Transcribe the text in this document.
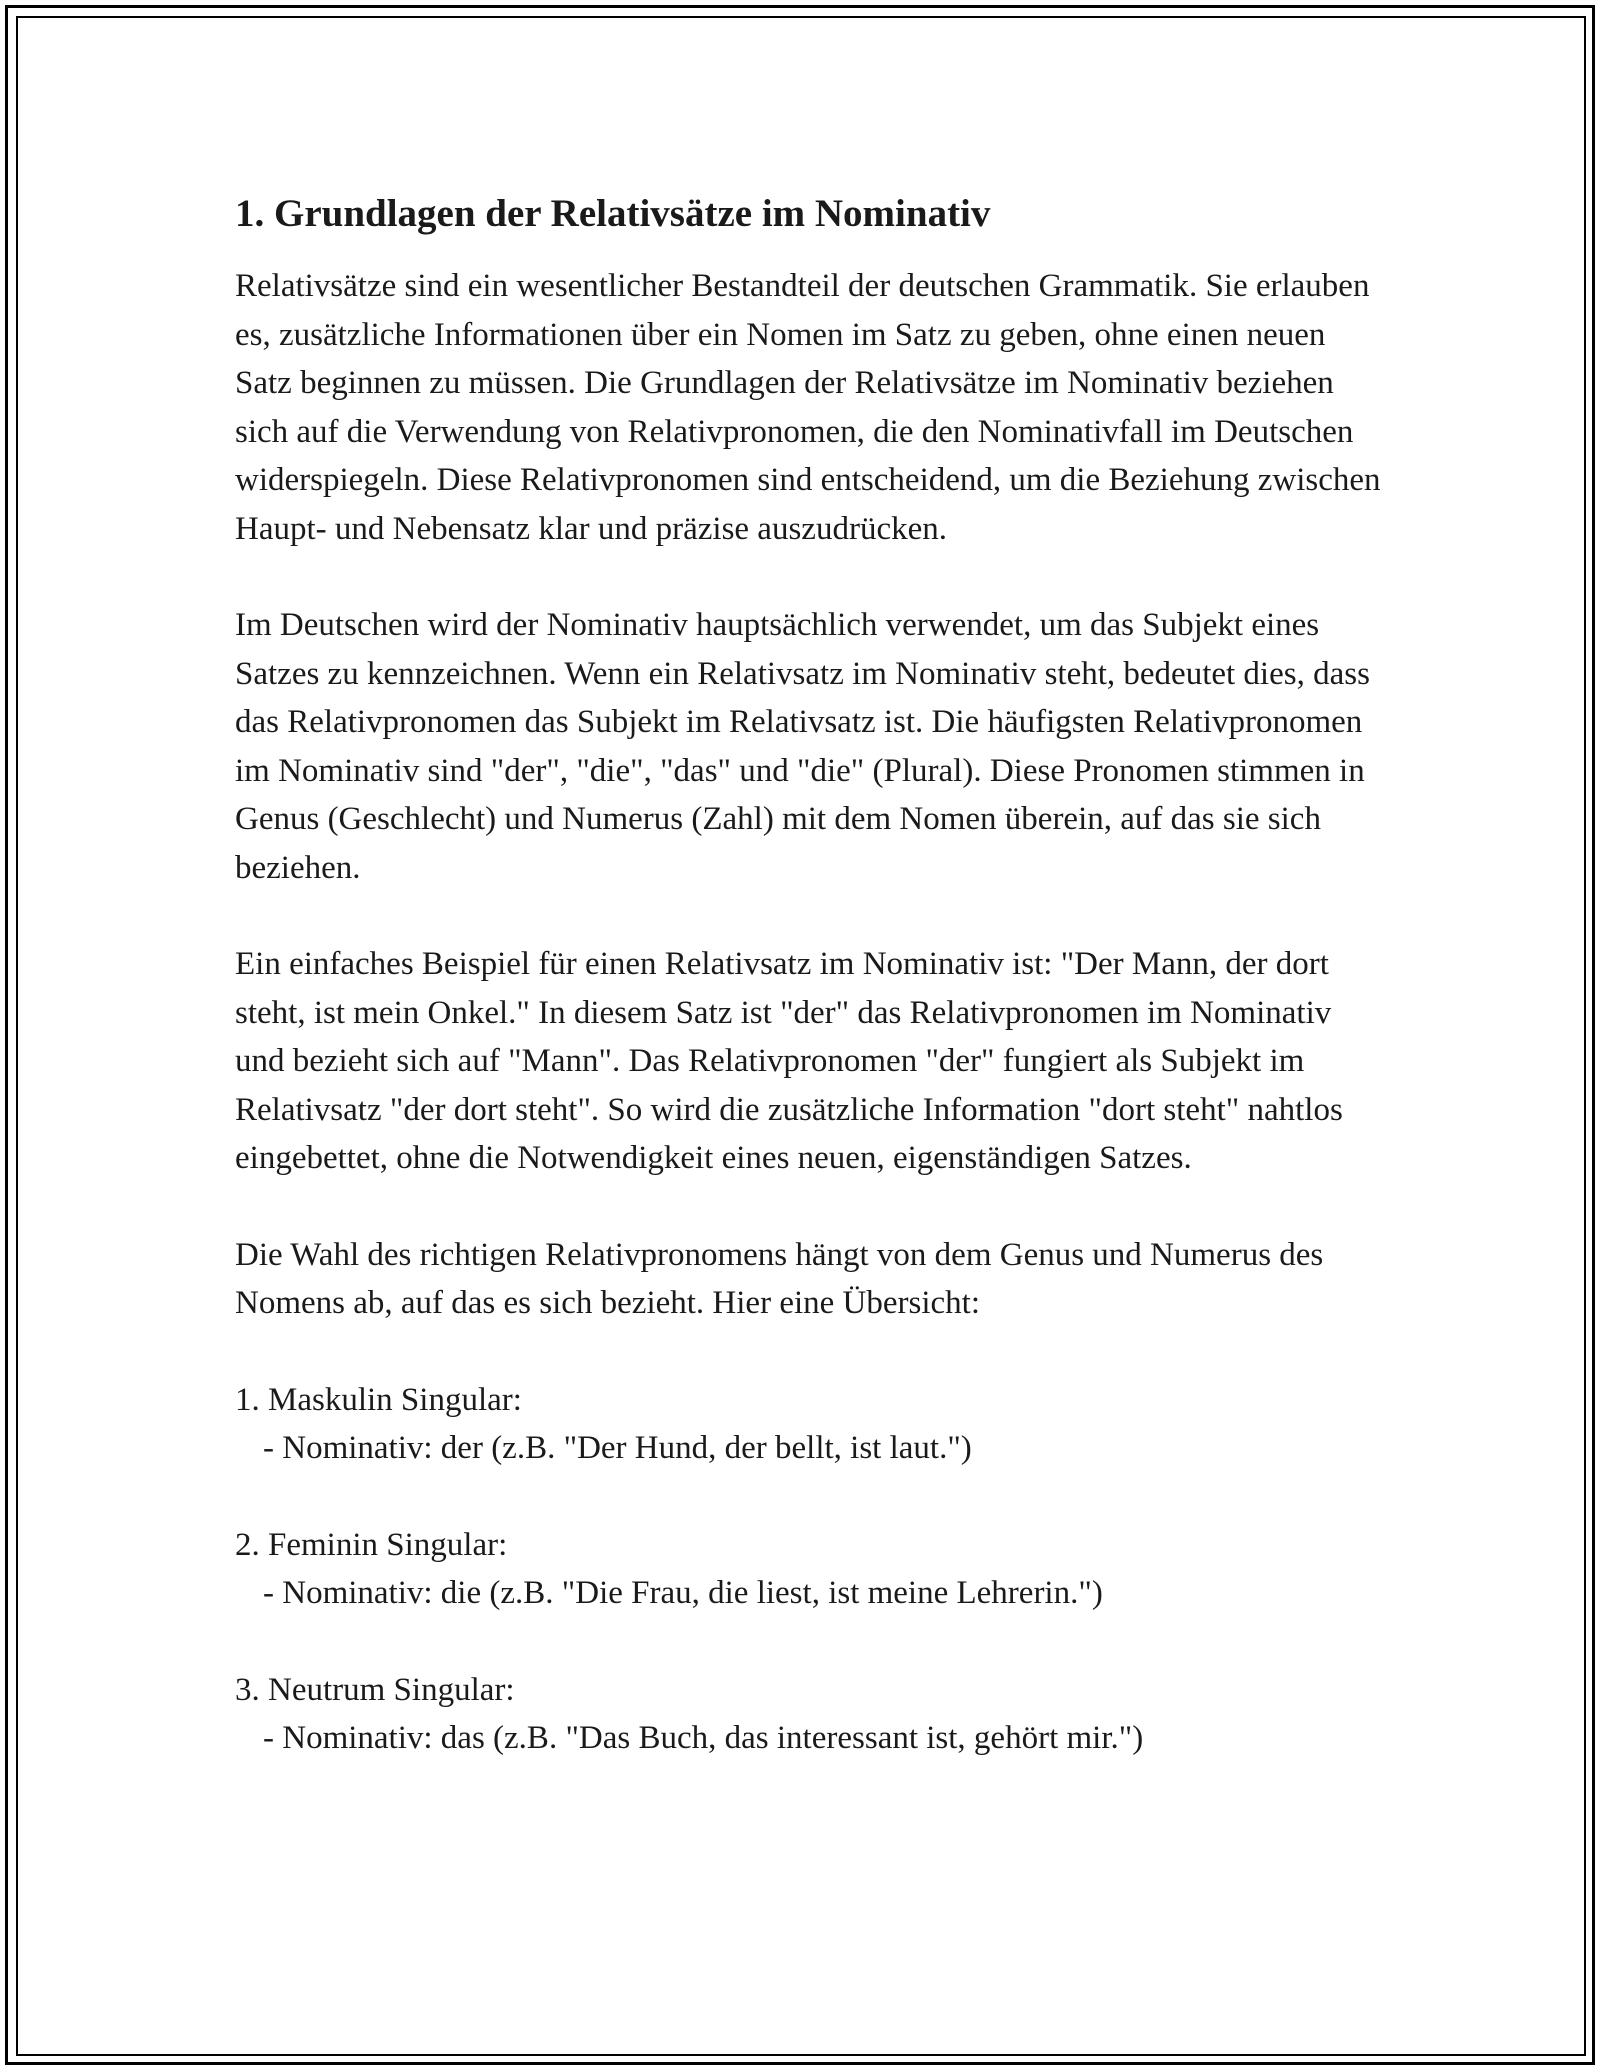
1. Grundlagen der Relativsätze im Nominativ

Relativsätze sind ein wesentlicher Bestandteil der deutschen Grammatik. Sie erlauben es, zusätzliche Informationen über ein Nomen im Satz zu geben, ohne einen neuen Satz beginnen zu müssen. Die Grundlagen der Relativsätze im Nominativ beziehen sich auf die Verwendung von Relativpronomen, die den Nominativfall im Deutschen widerspiegeln. Diese Relativpronomen sind entscheidend, um die Beziehung zwischen Haupt- und Nebensatz klar und präzise auszudrücken.

Im Deutschen wird der Nominativ hauptsächlich verwendet, um das Subjekt eines Satzes zu kennzeichnen. Wenn ein Relativsatz im Nominativ steht, bedeutet dies, dass das Relativpronomen das Subjekt im Relativsatz ist. Die häufigsten Relativpronomen im Nominativ sind "der", "die", "das" und "die" (Plural). Diese Pronomen stimmen in Genus (Geschlecht) und Numerus (Zahl) mit dem Nomen überein, auf das sie sich beziehen.

Ein einfaches Beispiel für einen Relativsatz im Nominativ ist: "Der Mann, der dort steht, ist mein Onkel." In diesem Satz ist "der" das Relativpronomen im Nominativ und bezieht sich auf "Mann". Das Relativpronomen "der" fungiert als Subjekt im Relativsatz "der dort steht". So wird die zusätzliche Information "dort steht" nahtlos eingebettet, ohne die Notwendigkeit eines neuen, eigenständigen Satzes.

Die Wahl des richtigen Relativpronomens hängt von dem Genus und Numerus des Nomens ab, auf das es sich bezieht. Hier eine Übersicht:

1. Maskulin Singular:
- Nominativ: der (z.B. "Der Hund, der bellt, ist laut.")
2. Feminin Singular:
- Nominativ: die (z.B. "Die Frau, die liest, ist meine Lehrerin.")
3. Neutrum Singular:
- Nominativ: das (z.B. "Das Buch, das interessant ist, gehört mir.")
